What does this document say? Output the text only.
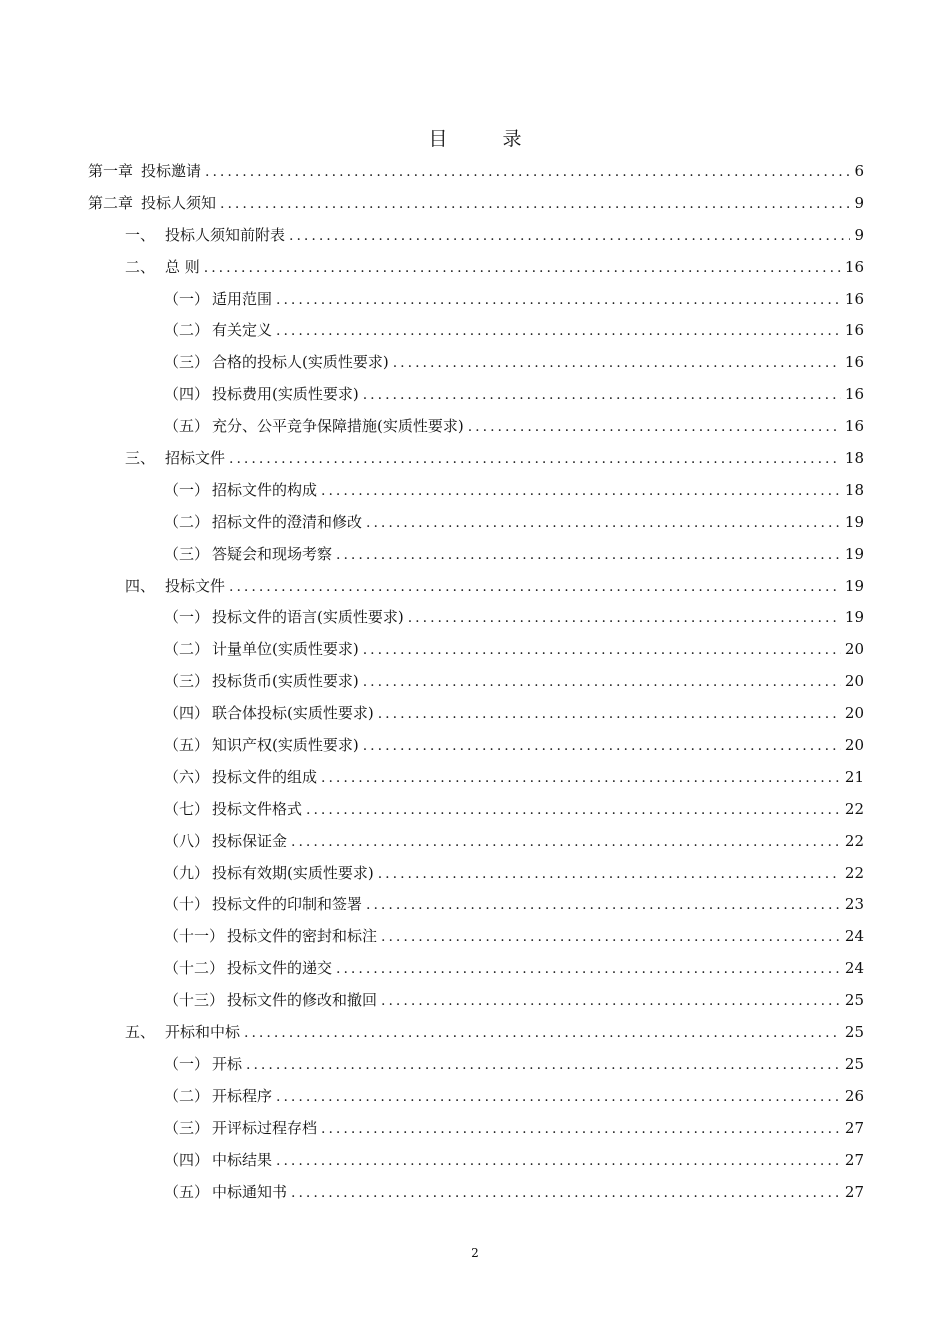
目　录
第一章 投标邀请 .....	6
第二章 投标人须知 .....	9
一、 投标人须知前附表 .....	9
二、 总 则 .....	16
（一） 适用范围 .....	16
（二） 有关定义 .....	16
（三） 合格的投标人(实质性要求) .....	16
（四） 投标费用(实质性要求) .....	16
（五） 充分、公平竞争保障措施(实质性要求) .....	16
三、 招标文件 .....	18
（一） 招标文件的构成 .....	18
（二） 招标文件的澄清和修改 .....	19
（三） 答疑会和现场考察 .....	19
四、 投标文件 .....	19
（一） 投标文件的语言(实质性要求) .....	19
（二） 计量单位(实质性要求) .....	20
（三） 投标货币(实质性要求) .....	20
（四） 联合体投标(实质性要求) .....	20
（五） 知识产权(实质性要求) .....	20
（六） 投标文件的组成 .....	21
（七） 投标文件格式 .....	22
（八） 投标保证金 .....	22
（九） 投标有效期(实质性要求) .....	22
（十） 投标文件的印制和签署 .....	23
（十一） 投标文件的密封和标注 .....	24
（十二） 投标文件的递交 .....	24
（十三） 投标文件的修改和撤回 .....	25
五、 开标和中标 .....	25
（一） 开标 .....	25
（二） 开标程序 .....	26
（三） 开评标过程存档 .....	27
（四） 中标结果 .....	27
（五） 中标通知书 .....	27
2
